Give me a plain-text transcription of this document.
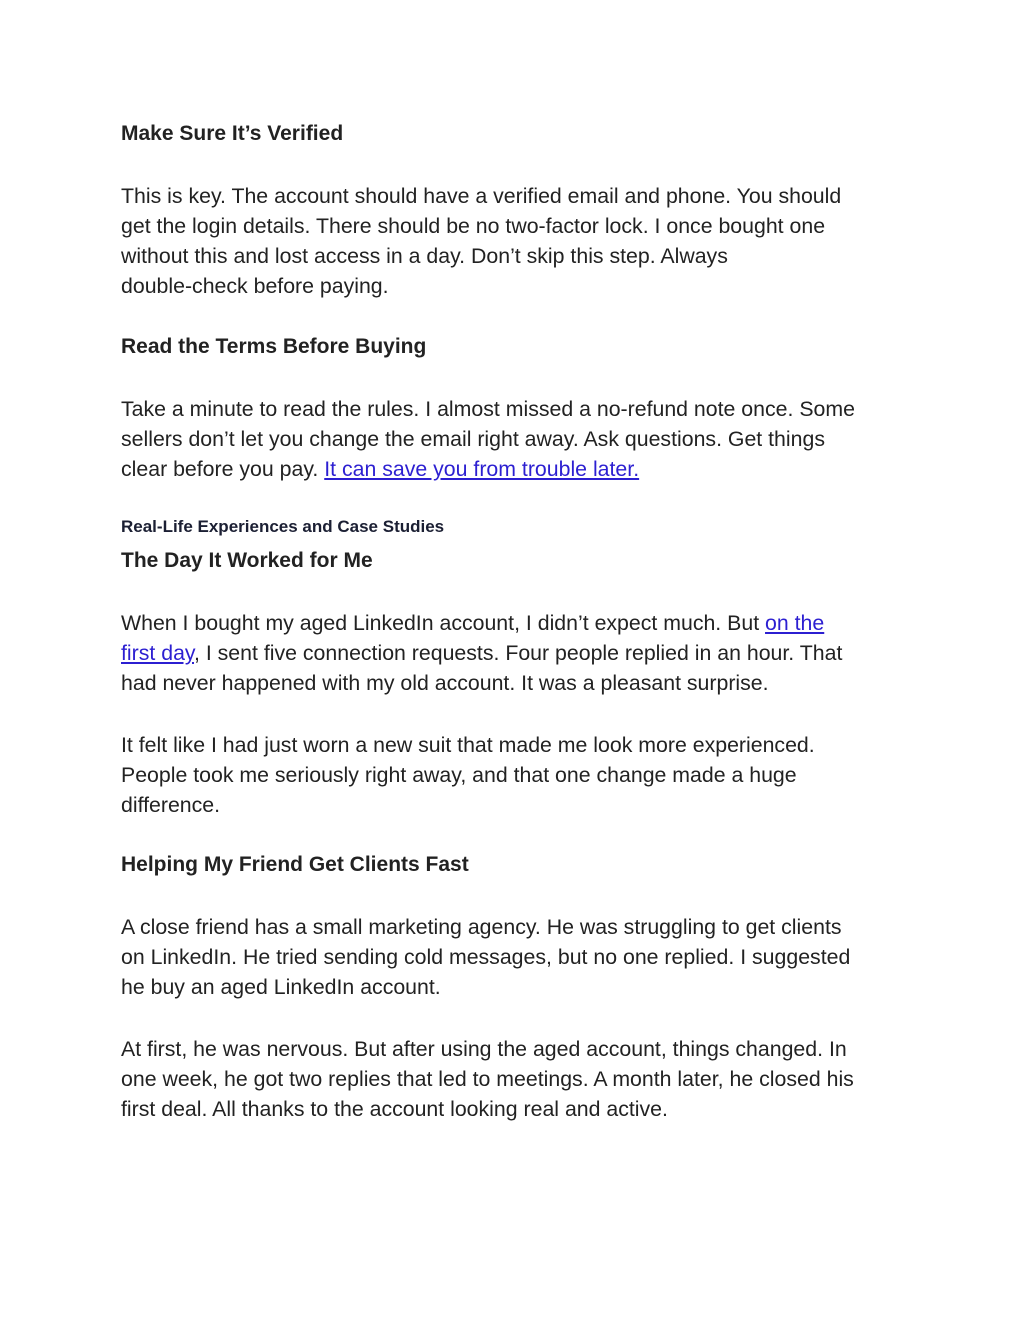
Make Sure It’s Verified
This is key. The account should have a verified email and phone. You should
get the login details. There should be no two-factor lock. I once bought one
without this and lost access in a day. Don’t skip this step. Always
double-check before paying.
Read the Terms Before Buying
Take a minute to read the rules. I almost missed a no-refund note once. Some
sellers don’t let you change the email right away. Ask questions. Get things
clear before you pay. It can save you from trouble later.
Real-Life Experiences and Case Studies
The Day It Worked for Me
When I bought my aged LinkedIn account, I didn’t expect much. But on the
first day, I sent five connection requests. Four people replied in an hour. That
had never happened with my old account. It was a pleasant surprise.
It felt like I had just worn a new suit that made me look more experienced.
People took me seriously right away, and that one change made a huge
difference.
Helping My Friend Get Clients Fast
A close friend has a small marketing agency. He was struggling to get clients
on LinkedIn. He tried sending cold messages, but no one replied. I suggested
he buy an aged LinkedIn account.
At first, he was nervous. But after using the aged account, things changed. In
one week, he got two replies that led to meetings. A month later, he closed his
first deal. All thanks to the account looking real and active.
